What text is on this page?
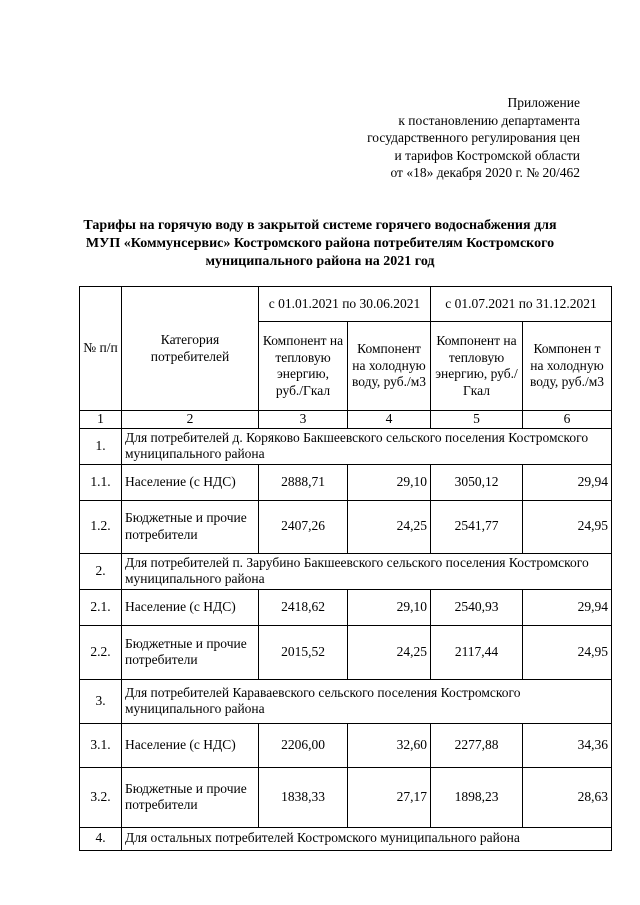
Приложение
к постановлению департамента
государственного регулирования цен
и тарифов Костромской области
от «18» декабря 2020 г. № 20/462
Тарифы на горячую воду в закрытой системе горячего водоснабжения для
МУП «Коммунсервис» Костромского района потребителям Костромского
муниципального района на 2021 год
№ п/п	Категория потребителей	с 01.01.2021 по 30.06.2021		с 01.07.2021 по 31.12.2021	
		Компонент на тепловую энергию, руб./Гкал	Компонент на холодную воду, руб./м3	Компонент на тепловую энергию, руб./Гкал	Компонен т на холодную воду, руб./м3
1	2	3	4	5	6
1.	Для потребителей д. Коряково Бакшеевского сельского поселения Костромского муниципального района				
1.1.	Население (с НДС)	2888,71	29,10	3050,12	29,94
1.2.	Бюджетные и прочие потребители	2407,26	24,25	2541,77	24,95
2.	Для потребителей п. Зарубино Бакшеевского сельского поселения Костромского муниципального района				
2.1.	Население (с НДС)	2418,62	29,10	2540,93	29,94
2.2.	Бюджетные и прочие потребители	2015,52	24,25	2117,44	24,95
3.	Для потребителей Караваевского сельского поселения Костромского муниципального района				
3.1.	Население (с НДС)	2206,00	32,60	2277,88	34,36
3.2.	Бюджетные и прочие потребители	1838,33	27,17	1898,23	28,63
4.	Для остальных потребителей Костромского муниципального района				
